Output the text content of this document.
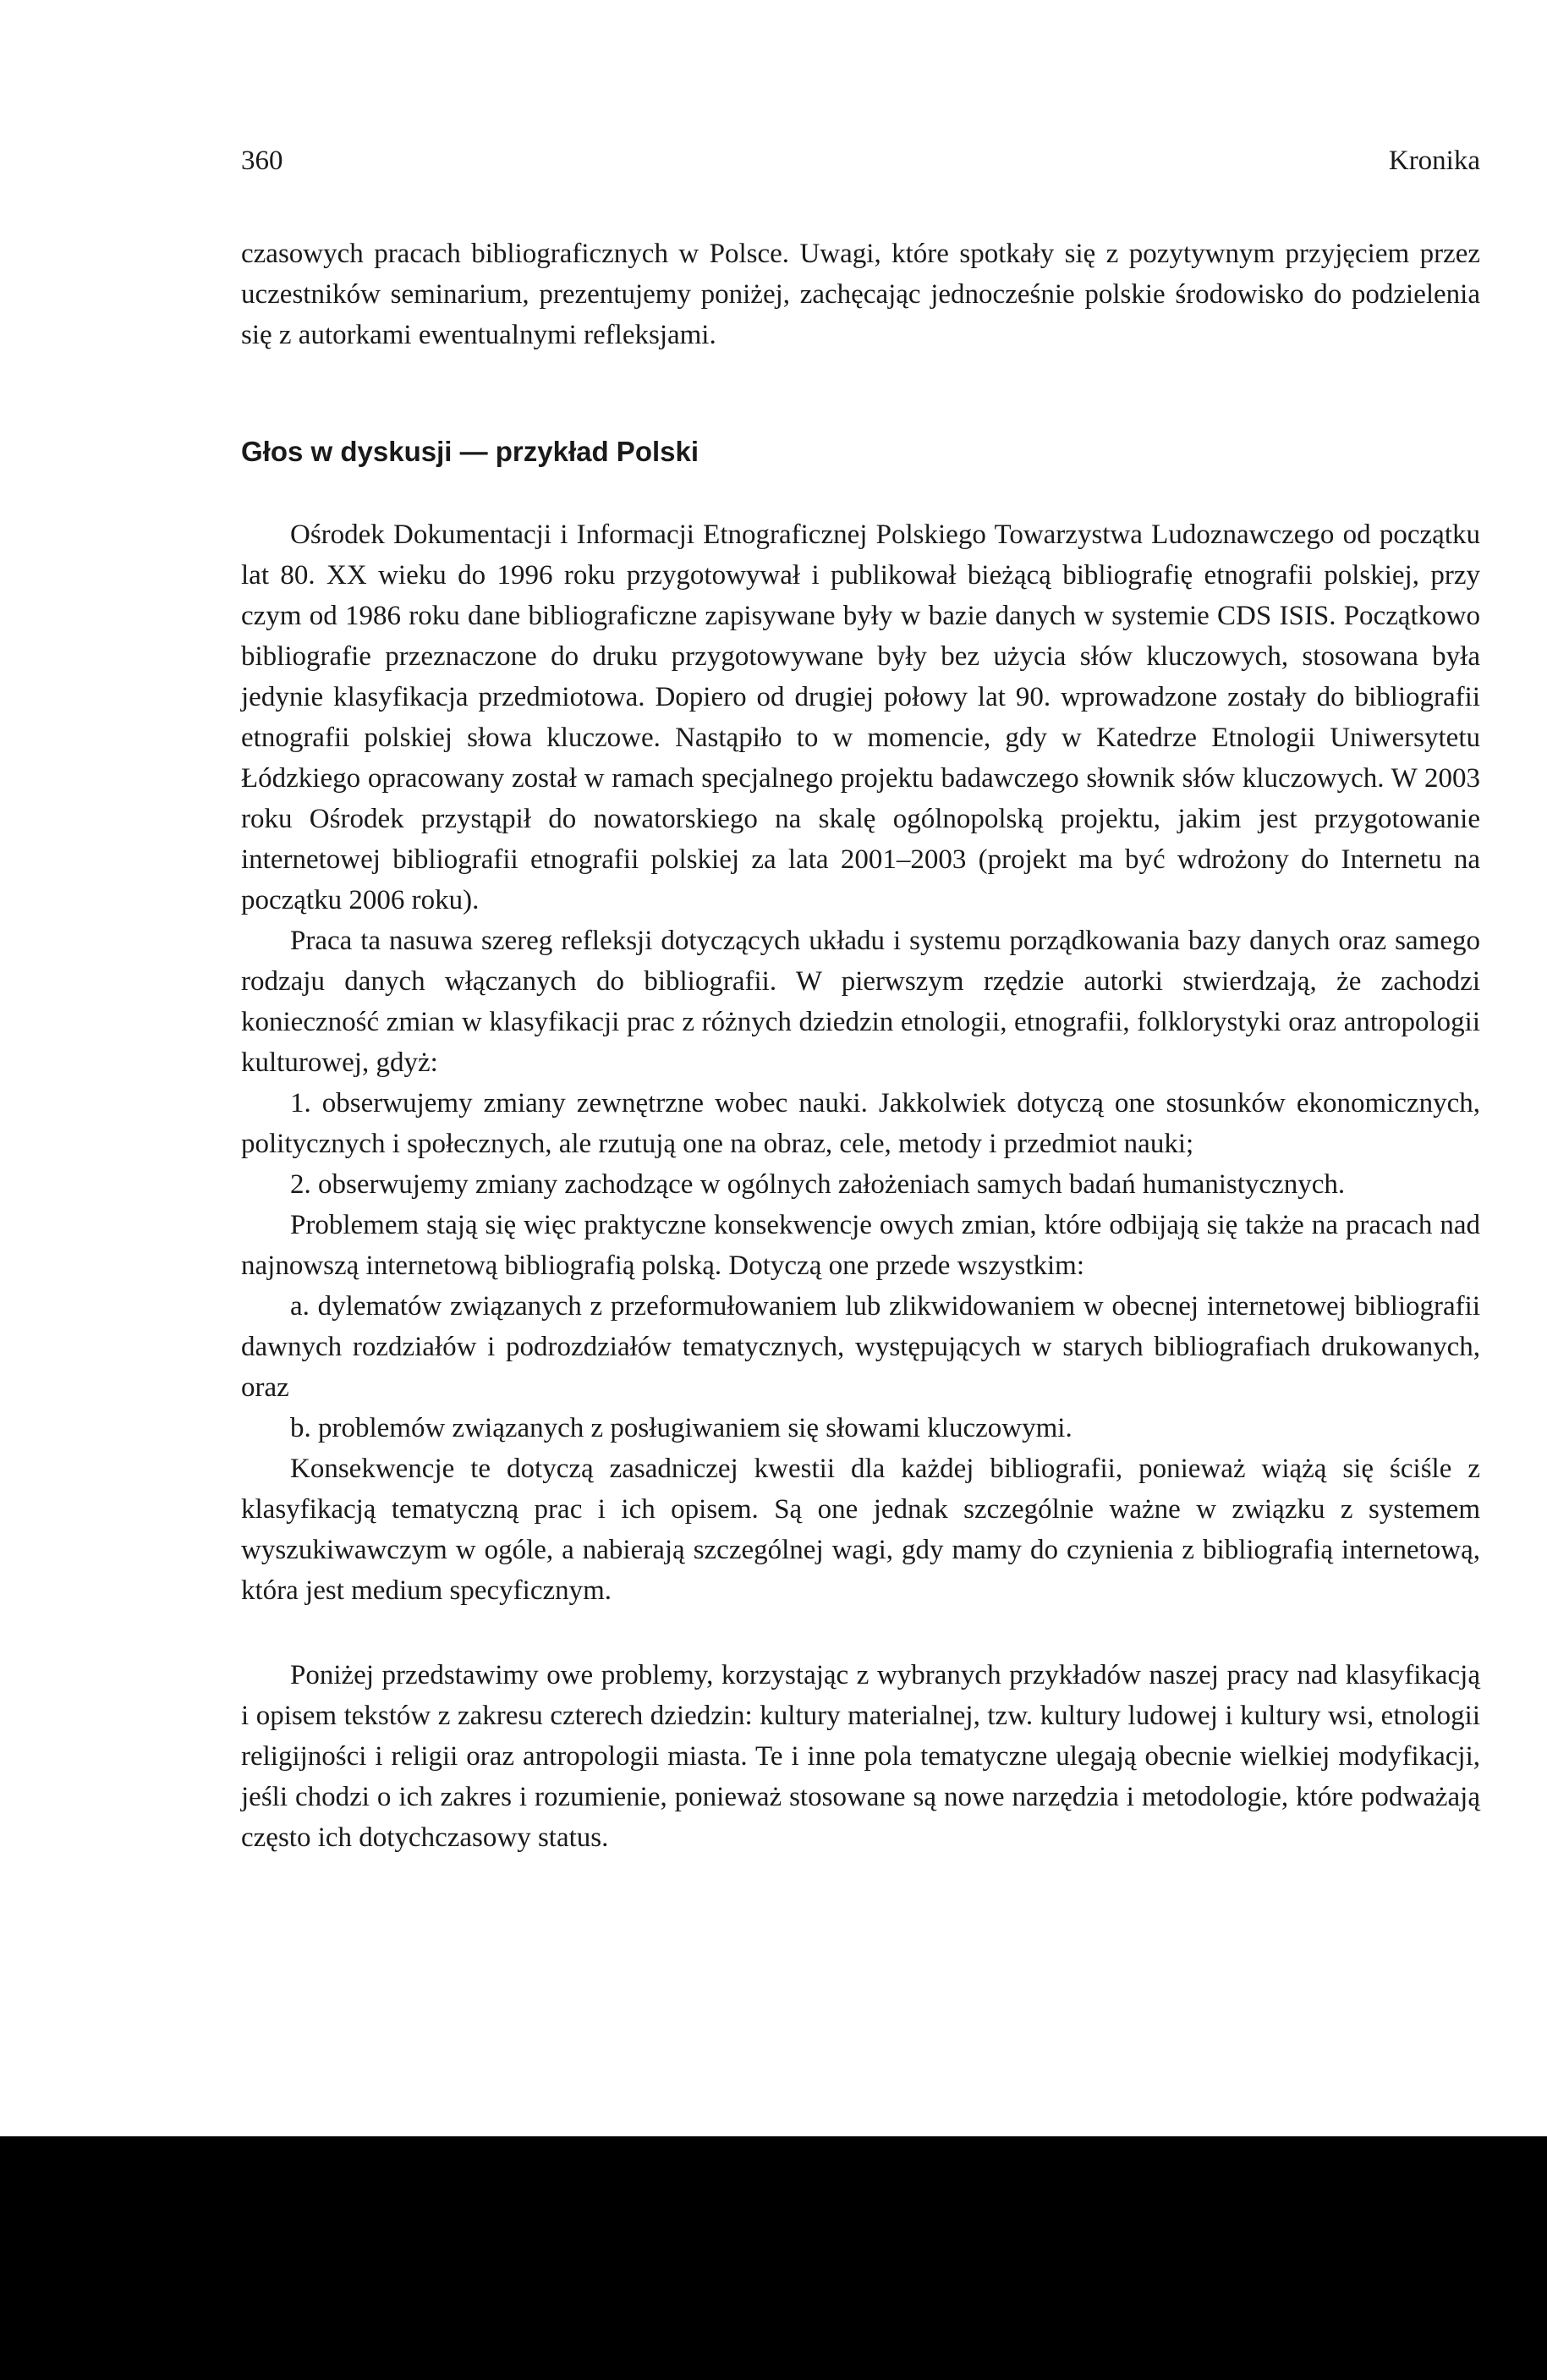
360	Kronika

czasowych pracach bibliograficznych w Polsce. Uwagi, które spotkały się z pozytywnym przyjęciem przez uczestników seminarium, prezentujemy poniżej, zachęcając jednocześnie polskie środowisko do podzielenia się z autorkami ewentualnymi refleksjami.

Głos w dyskusji — przykład Polski

Ośrodek Dokumentacji i Informacji Etnograficznej Polskiego Towarzystwa Ludoznawczego od początku lat 80. XX wieku do 1996 roku przygotowywał i publikował bieżącą bibliografię etnografii polskiej, przy czym od 1986 roku dane bibliograficzne zapisywane były w bazie danych w systemie CDS ISIS. Początkowo bibliografie przeznaczone do druku przygotowywane były bez użycia słów kluczowych, stosowana była jedynie klasyfikacja przedmiotowa. Dopiero od drugiej połowy lat 90. wprowadzone zostały do bibliografii etnografii polskiej słowa kluczowe. Nastąpiło to w momencie, gdy w Katedrze Etnologii Uniwersytetu Łódzkiego opracowany został w ramach specjalnego projektu badawczego słownik słów kluczowych. W 2003 roku Ośrodek przystąpił do nowatorskiego na skalę ogólnopolską projektu, jakim jest przygotowanie internetowej bibliografii etnografii polskiej za lata 2001–2003 (projekt ma być wdrożony do Internetu na początku 2006 roku).

Praca ta nasuwa szereg refleksji dotyczących układu i systemu porządkowania bazy danych oraz samego rodzaju danych włączanych do bibliografii. W pierwszym rzędzie autorki stwierdzają, że zachodzi konieczność zmian w klasyfikacji prac z różnych dziedzin etnologii, etnografii, folklorystyki oraz antropologii kulturowej, gdyż:

1. obserwujemy zmiany zewnętrzne wobec nauki. Jakkolwiek dotyczą one stosunków ekonomicznych, politycznych i społecznych, ale rzutują one na obraz, cele, metody i przedmiot nauki;

2. obserwujemy zmiany zachodzące w ogólnych założeniach samych badań humanistycznych.

Problemem stają się więc praktyczne konsekwencje owych zmian, które odbijają się także na pracach nad najnowszą internetową bibliografią polską. Dotyczą one przede wszystkim:

a. dylematów związanych z przeformułowaniem lub zlikwidowaniem w obecnej internetowej bibliografii dawnych rozdziałów i podrozdziałów tematycznych, występujących w starych bibliografiach drukowanych, oraz

b. problemów związanych z posługiwaniem się słowami kluczowymi.

Konsekwencje te dotyczą zasadniczej kwestii dla każdej bibliografii, ponieważ wiążą się ściśle z klasyfikacją tematyczną prac i ich opisem. Są one jednak szczególnie ważne w związku z systemem wyszukiwawczym w ogóle, a nabierają szczególnej wagi, gdy mamy do czynienia z bibliografią internetową, która jest medium specyficznym.

Poniżej przedstawimy owe problemy, korzystając z wybranych przykładów naszej pracy nad klasyfikacją i opisem tekstów z zakresu czterech dziedzin: kultury materialnej, tzw. kultury ludowej i kultury wsi, etnologii religijności i religii oraz antropologii miasta. Te i inne pola tematyczne ulegają obecnie wielkiej modyfikacji, jeśli chodzi o ich zakres i rozumienie, ponieważ stosowane są nowe narzędzia i metodologie, które podważają często ich dotychczasowy status.
